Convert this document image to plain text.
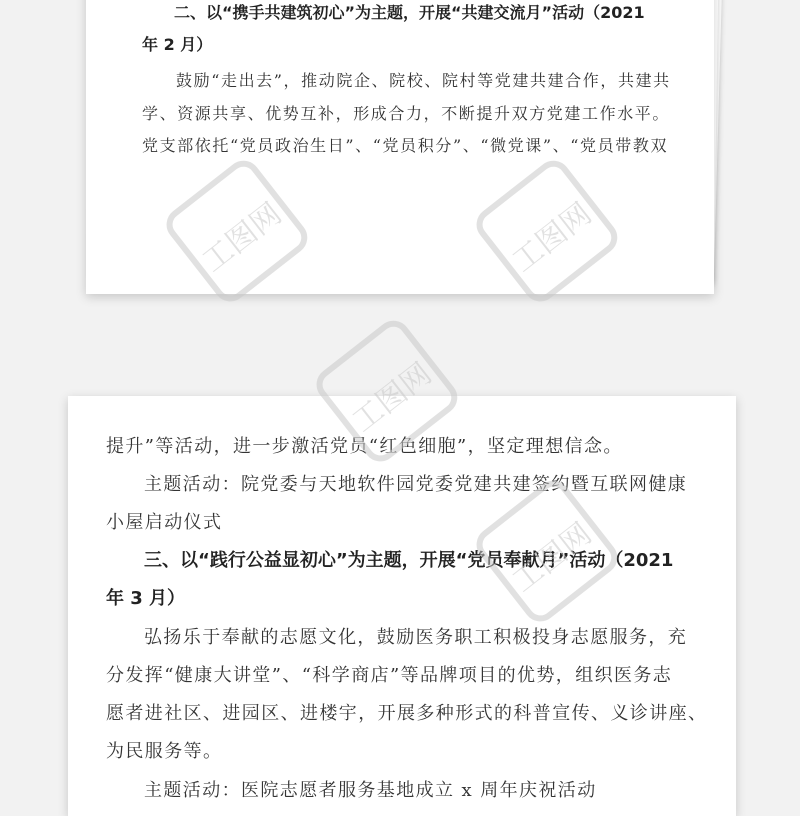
二、以“携手共建筑初心”为主题，开展“共建交流月”活动（2021
年 2 月）
鼓励“走出去”，推动院企、院校、院村等党建共建合作，共建共
学、资源共享、优势互补，形成合力，不断提升双方党建工作水平。
党支部依托“党员政治生日”、“党员积分”、“微党课”、“党员带教双
提升”等活动，进一步激活党员“红色细胞”，坚定理想信念。
主题活动：院党委与天地软件园党委党建共建签约暨互联网健康
小屋启动仪式
三、以“践行公益显初心”为主题，开展“党员奉献月”活动（2021
年 3 月）
弘扬乐于奉献的志愿文化，鼓励医务职工积极投身志愿服务，充
分发挥“健康大讲堂”、“科学商店”等品牌项目的优势，组织医务志
愿者进社区、进园区、进楼宇，开展多种形式的科普宣传、义诊讲座、
为民服务等。
主题活动：医院志愿者服务基地成立 x 周年庆祝活动
工图网	工图网
工图网
工图网
